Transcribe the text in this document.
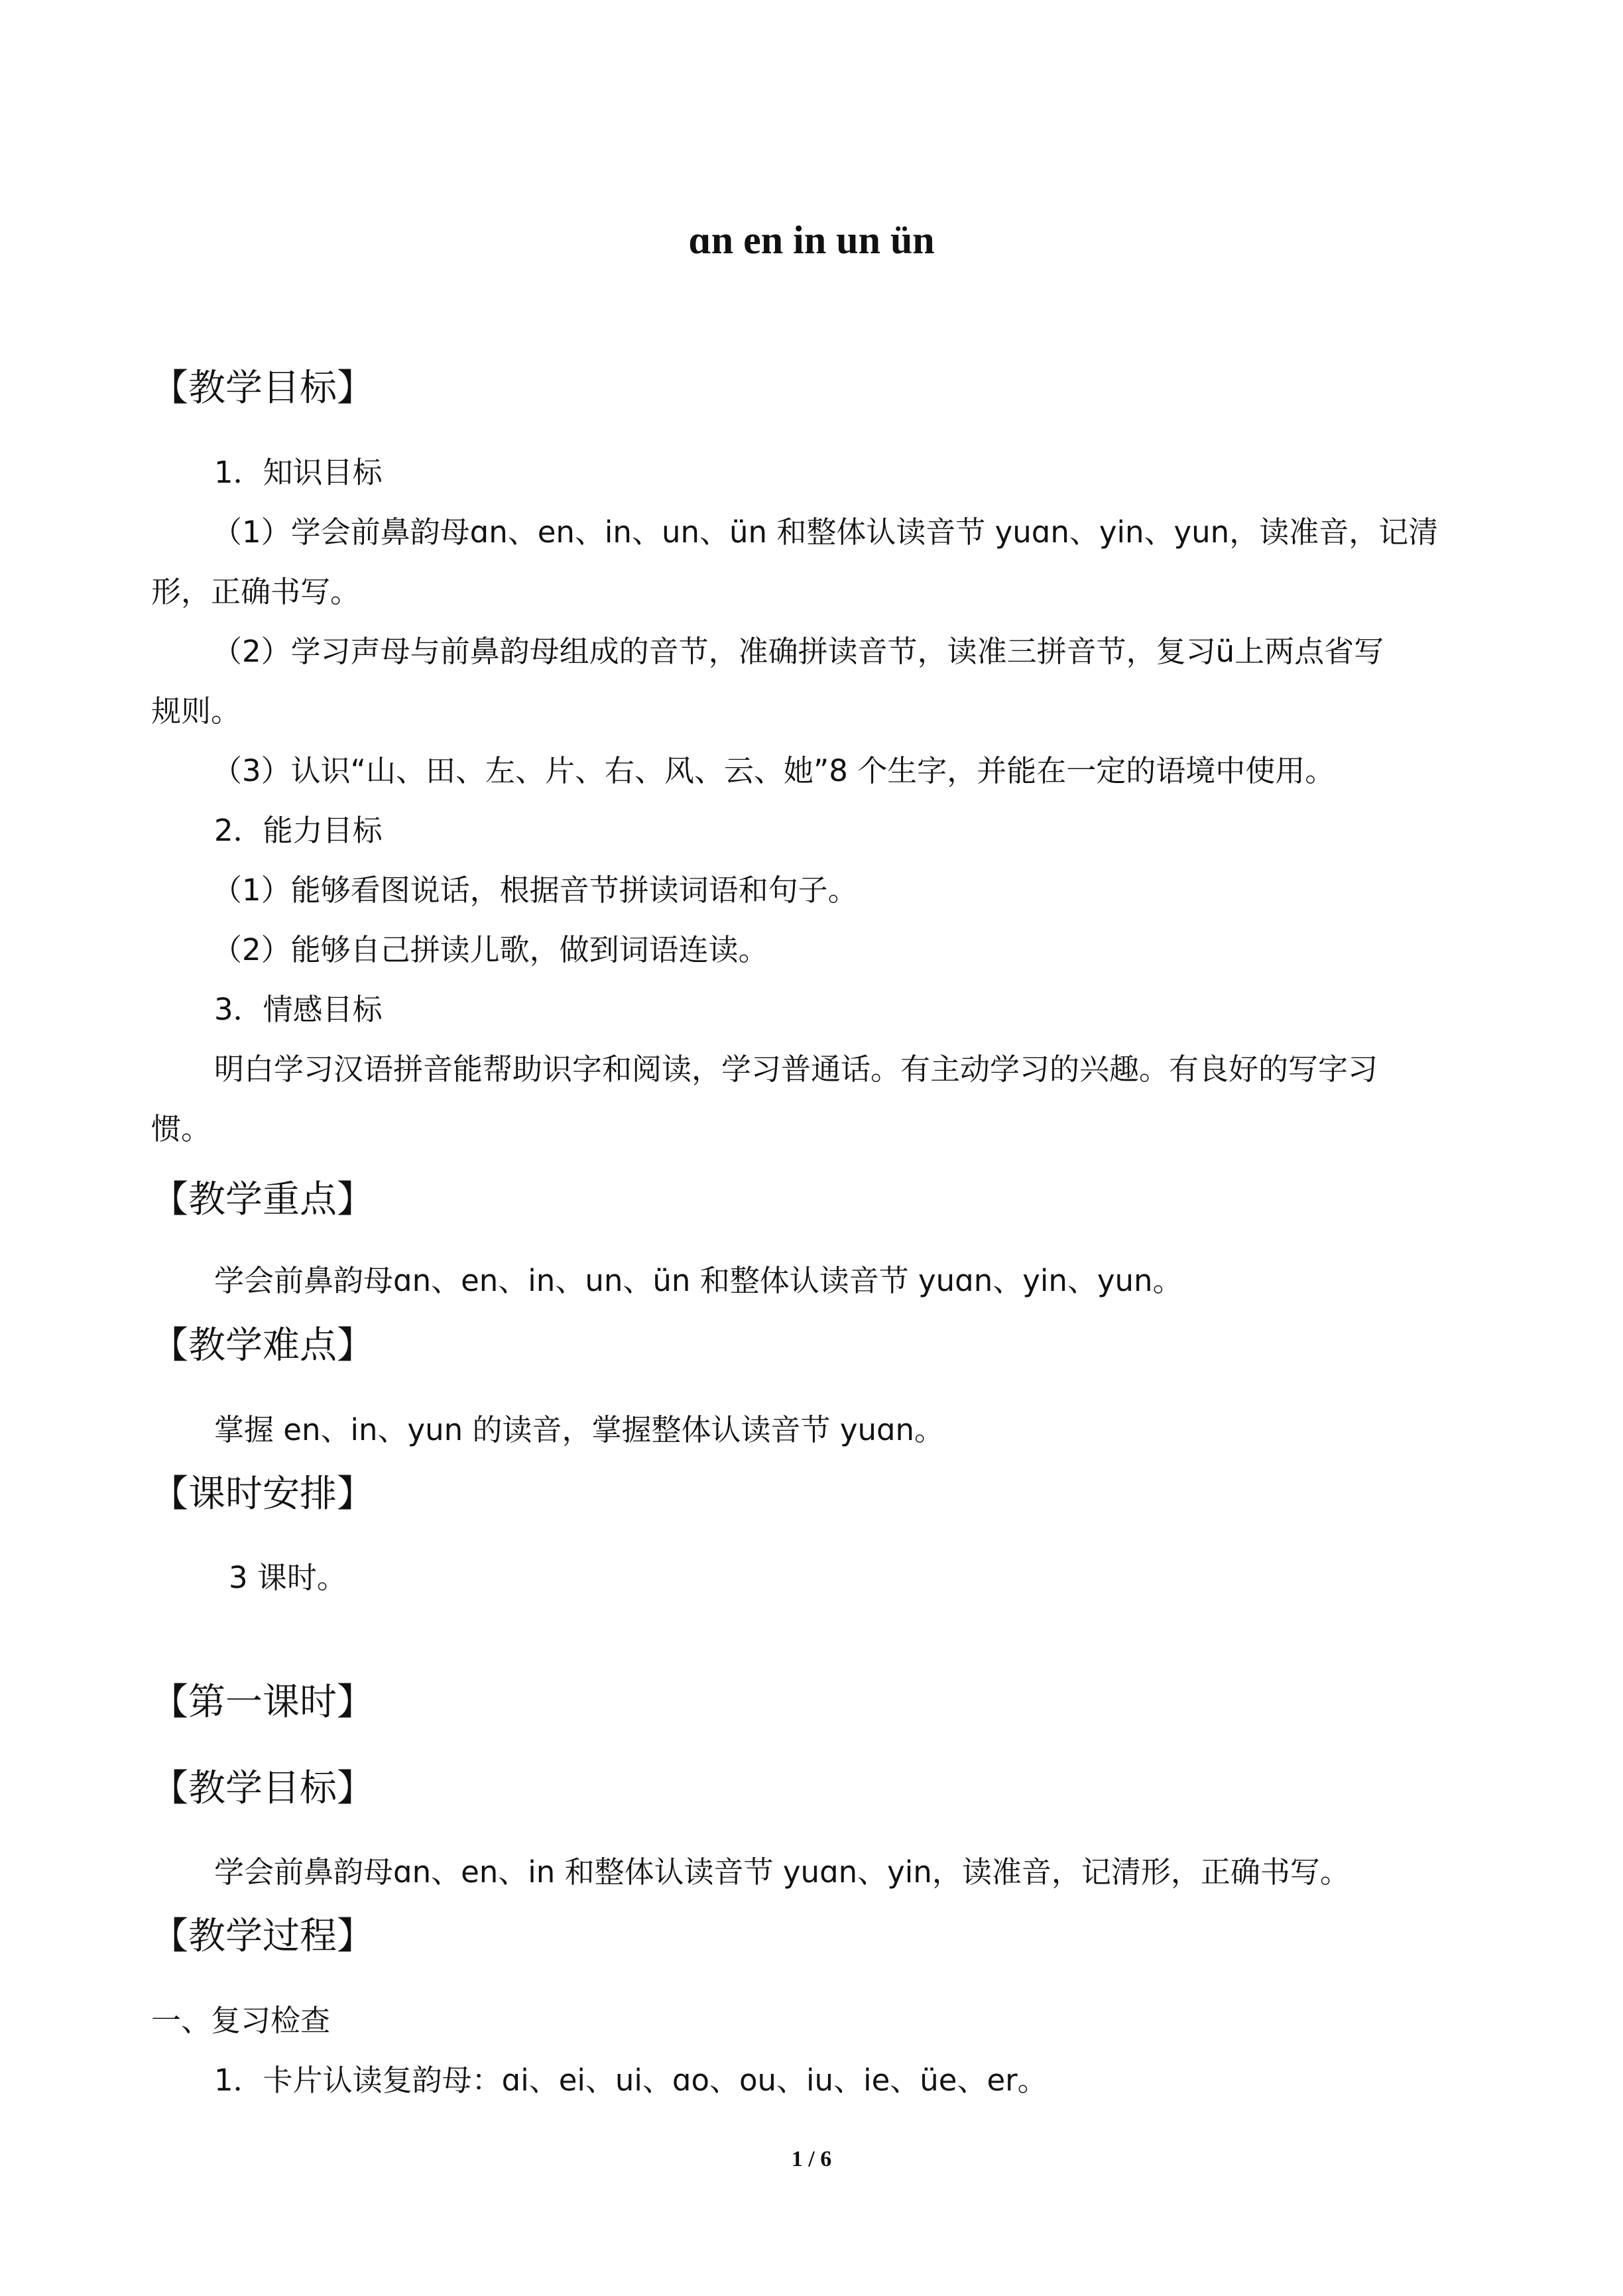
ɑn en in un ün
【教学目标】
1．知识目标
（1）学会前鼻韵母ɑn、en、in、un、ün 和整体认读音节 yuɑn、yin、yun，读准音，记清
形，正确书写。
（2）学习声母与前鼻韵母组成的音节，准确拼读音节，读准三拼音节，复习ü上两点省写
规则。
（3）认识“山、田、左、片、右、风、云、她”8 个生字，并能在一定的语境中使用。
2．能力目标
（1）能够看图说话，根据音节拼读词语和句子。
（2）能够自己拼读儿歌，做到词语连读。
3．情感目标
明白学习汉语拼音能帮助识字和阅读，学习普通话。有主动学习的兴趣。有良好的写字习
惯。
【教学重点】
学会前鼻韵母ɑn、en、in、un、ün 和整体认读音节 yuɑn、yin、yun。
【教学难点】
掌握 en、in、yun 的读音，掌握整体认读音节 yuɑn。
【课时安排】
3 课时。
【第一课时】
【教学目标】
学会前鼻韵母ɑn、en、in 和整体认读音节 yuɑn、yin，读准音，记清形，正确书写。
【教学过程】
一、复习检查
1．卡片认读复韵母：ɑi、ei、ui、ɑo、ou、iu、ie、üe、er。
1 / 6
